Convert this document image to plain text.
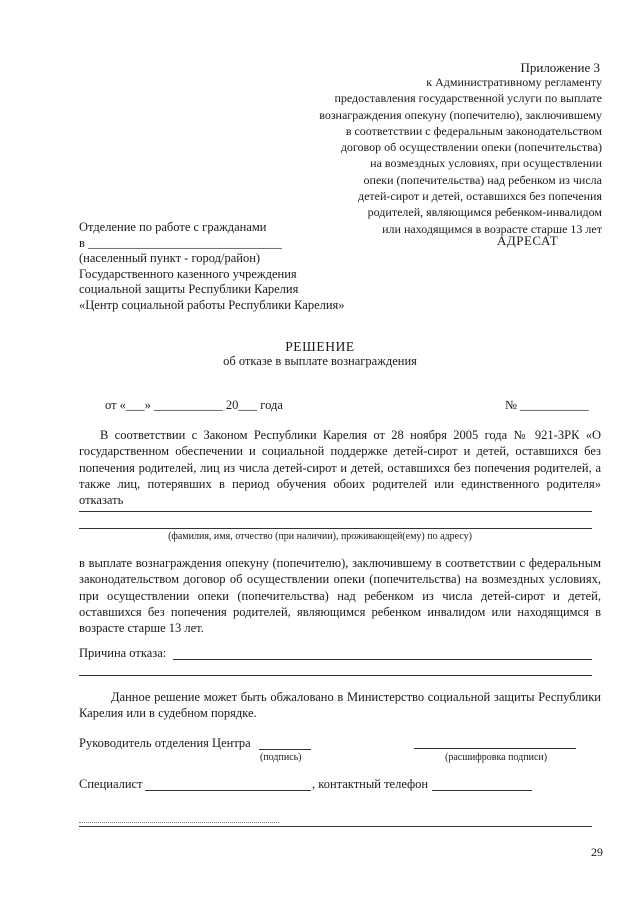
Приложение 3
к Административному регламенту
предоставления государственной услуги по выплате
вознаграждения опекуну (попечителю), заключившему
в соответствии с федеральным законодательством
договор об осуществлении опеки (попечительства)
на возмездных условиях, при осуществлении
опеки (попечительства) над ребенком из числа
детей-сирот и детей, оставшихся без попечения
родителей, являющимся ребенком-инвалидом
или находящимся в возрасте старше 13 лет
Отделение по работе с гражданами
в _______________________________
(населенный пункт - город/район)
Государственного казенного учреждения
социальной защиты Республики Карелия
«Центр социальной работы Республики Карелия»
АДРЕСАТ
РЕШЕНИЕ
об отказе в выплате вознаграждения
от «___» ___________ 20___ года	№ ___________
В соответствии с Законом Республики Карелия от 28 ноября 2005 года № 921-ЗРК «О государственном обеспечении и социальной поддержке детей-сирот и детей, оставшихся без попечения родителей, лиц из числа детей-сирот и детей, оставшихся без попечения родителей, а также лиц, потерявших в период обучения обоих родителей или единственного родителя» отказать
(фамилия, имя, отчество (при наличии), проживающей(ему) по адресу)
в выплате вознаграждения опекуну (попечителю), заключившему в соответствии с федеральным законодательством договор об осуществлении опеки (попечительства) на возмездных условиях, при осуществлении опеки (попечительства) над ребенком из числа детей-сирот и детей, оставшихся без попечения родителей, являющимся ребенком инвалидом или находящимся в возрасте старше 13 лет.
Причина отказа:
Данное решение может быть обжаловано в Министерство социальной защиты Республики Карелия или в судебном порядке.
Руководитель отделения Центра
(подпись)	(расшифровка подписи)
Специалист	, контактный телефон
29
